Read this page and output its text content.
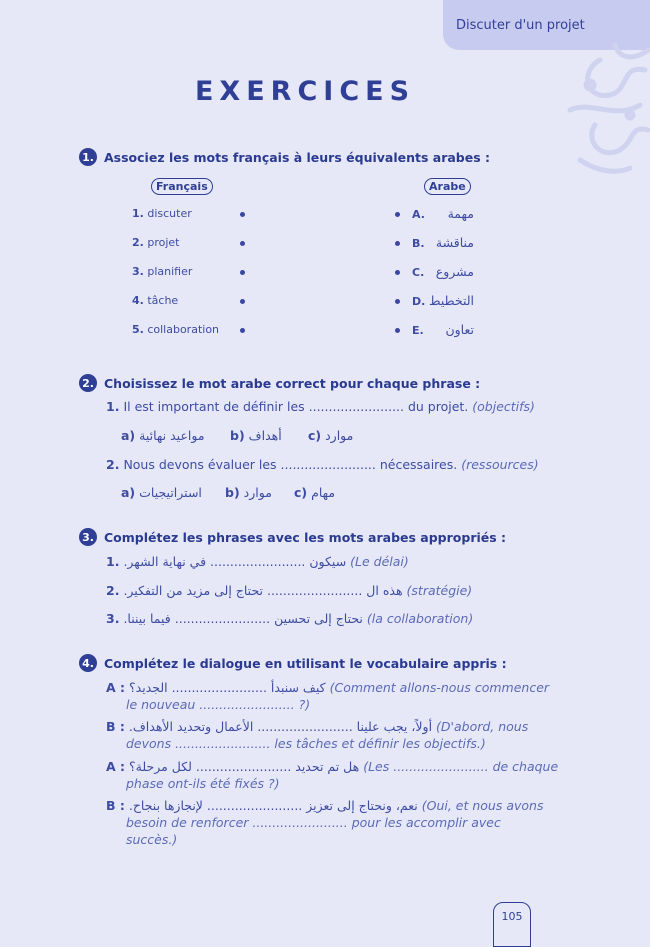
Discuter d'un projet
EXERCICES
1. Associez les mots français à leurs équivalents arabes :
Français	Arabe
1. discuter
2. projet
3. planifier
4. tâche
5. collaboration
A.
B.
C.
D.
E.
مهمة
مناقشة
مشروع
التخطيط
تعاون
2. Choisissez le mot arabe correct pour chaque phrase :
1. Il est important de définir les ........................ du projet. (objectifs)
a) مواعيد نهائية b) أهداف c) موارد
2. Nous devons évaluer les ........................ nécessaires. (ressources)
a) استراتيجيات b) موارد c) مهام
3. Complétez les phrases avec les mots arabes appropriés :
1. سيكون ........................ في نهاية الشهر. (Le délai)
2. هذه ال ........................ تحتاج إلى مزيد من التفكير. (stratégie)
3. نحتاج إلى تحسين ........................ فيما بيننا. (la collaboration)
4. Complétez le dialogue en utilisant le vocabulaire appris :
A : كيف سنبدأ ........................ الجديد؟ (Comment allons-nous commencer
le nouveau ........................ ?)
B : أولاً، يجب علينا ........................ الأعمال وتحديد الأهداف. (D'abord, nous
devons ........................ les tâches et définir les objectifs.)
A : هل تم تحديد ........................ لكل مرحلة؟ (Les ........................ de chaque
phase ont-ils été fixés ?)
B : نعم، ونحتاج إلى تعزيز ........................ لإنجازها بنجاح. (Oui, et nous avons
besoin de renforcer ........................ pour les accomplir avec
succès.)
105
